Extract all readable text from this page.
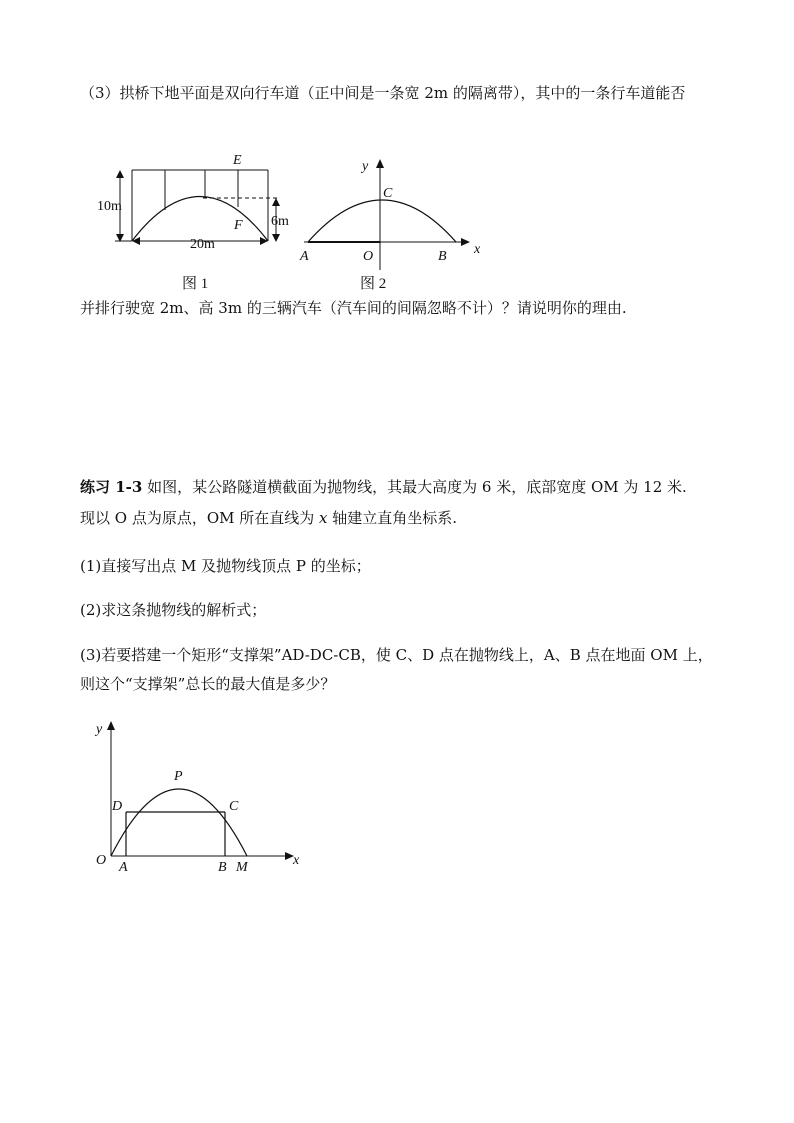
（3）拱桥下地平面是双向行车道（正中间是一条宽 2m 的隔离带），其中的一条行车道能否
10m
6m
20m
E
F
图 1
y
x
C
O
A	B
图 2
并排行驶宽 2m、高 3m 的三辆汽车（汽车间的间隔忽略不计）？请说明你的理由.
练习 1-3 如图，某公路隧道横截面为抛物线，其最大高度为 6 米，底部宽度 OM 为 12 米.
现以 O 点为原点，OM 所在直线为 x 轴建立直角坐标系.
(1)直接写出点 M 及抛物线顶点 P 的坐标；
(2)求这条抛物线的解析式；
(3)若要搭建一个矩形“支撑架”AD-DC-CB，使 C、D 点在抛物线上，A、B 点在地面 OM 上，
则这个“支撑架”总长的最大值是多少？
y
x
P
D	C
O A	B M
